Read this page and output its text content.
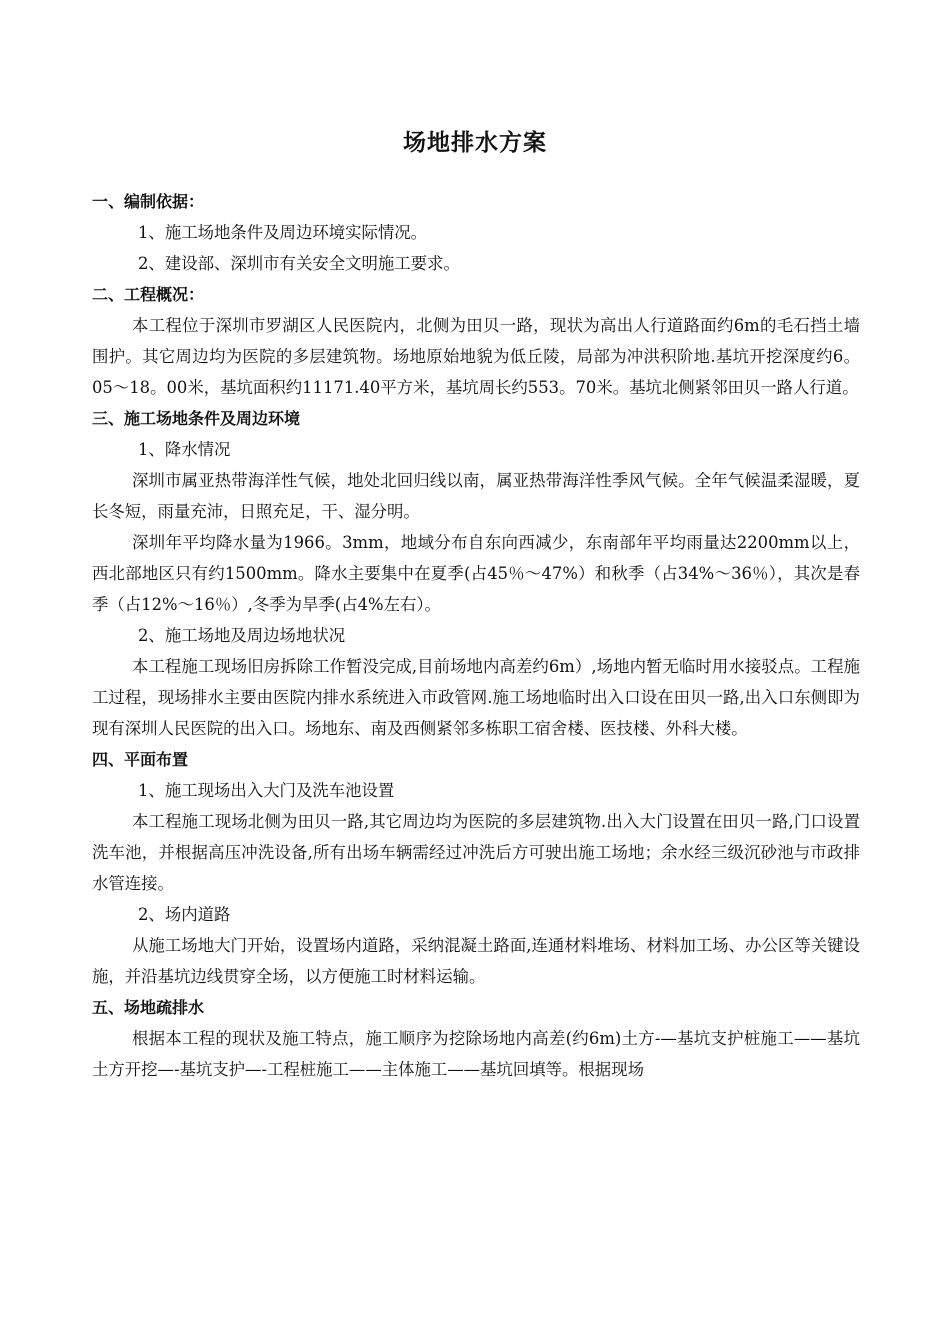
场地排水方案

一、编制依据：

1、施工场地条件及周边环境实际情况。

2、建设部、深圳市有关安全文明施工要求。

二、工程概况：

本工程位于深圳市罗湖区人民医院内，北侧为田贝一路，现状为高出人行道路面约6m的毛石挡土墙围护。其它周边均为医院的多层建筑物。场地原始地貌为低丘陵，局部为冲洪积阶地.基坑开挖深度约6。05～18。00米，基坑面积约11171.40平方米，基坑周长约553。70米。基坑北侧紧邻田贝一路人行道。

三、施工场地条件及周边环境

1、降水情况

深圳市属亚热带海洋性气候，地处北回归线以南，属亚热带海洋性季风气候。全年气候温柔湿暖，夏长冬短，雨量充沛，日照充足，干、湿分明。

深圳年平均降水量为1966。3mm，地域分布自东向西减少，东南部年平均雨量达2200mm以上，西北部地区只有约1500mm。降水主要集中在夏季(占45％～47%）和秋季（占34%～36％），其次是春季（占12%～16％）,冬季为旱季(占4%左右）。

2、施工场地及周边场地状况

本工程施工现场旧房拆除工作暂没完成,目前场地内高差约6m）,场地内暂无临时用水接驳点。工程施工过程，现场排水主要由医院内排水系统进入市政管网.施工场地临时出入口设在田贝一路,出入口东侧即为现有深圳人民医院的出入口。场地东、南及西侧紧邻多栋职工宿舍楼、医技楼、外科大楼。

四、平面布置

1、施工现场出入大门及洗车池设置

本工程施工现场北侧为田贝一路,其它周边均为医院的多层建筑物.出入大门设置在田贝一路,门口设置洗车池，并根据高压冲洗设备,所有出场车辆需经过冲洗后方可驶出施工场地；余水经三级沉砂池与市政排水管连接。

2、场内道路

从施工场地大门开始，设置场内道路，采纳混凝土路面,连通材料堆场、材料加工场、办公区等关键设施，并沿基坑边线贯穿全场，以方便施工时材料运输。

五、场地疏排水

根据本工程的现状及施工特点，施工顺序为挖除场地内高差(约6m)土方-—基坑支护桩施工——基坑土方开挖—-基坑支护—-工程桩施工——主体施工——基坑回填等。根据现场
